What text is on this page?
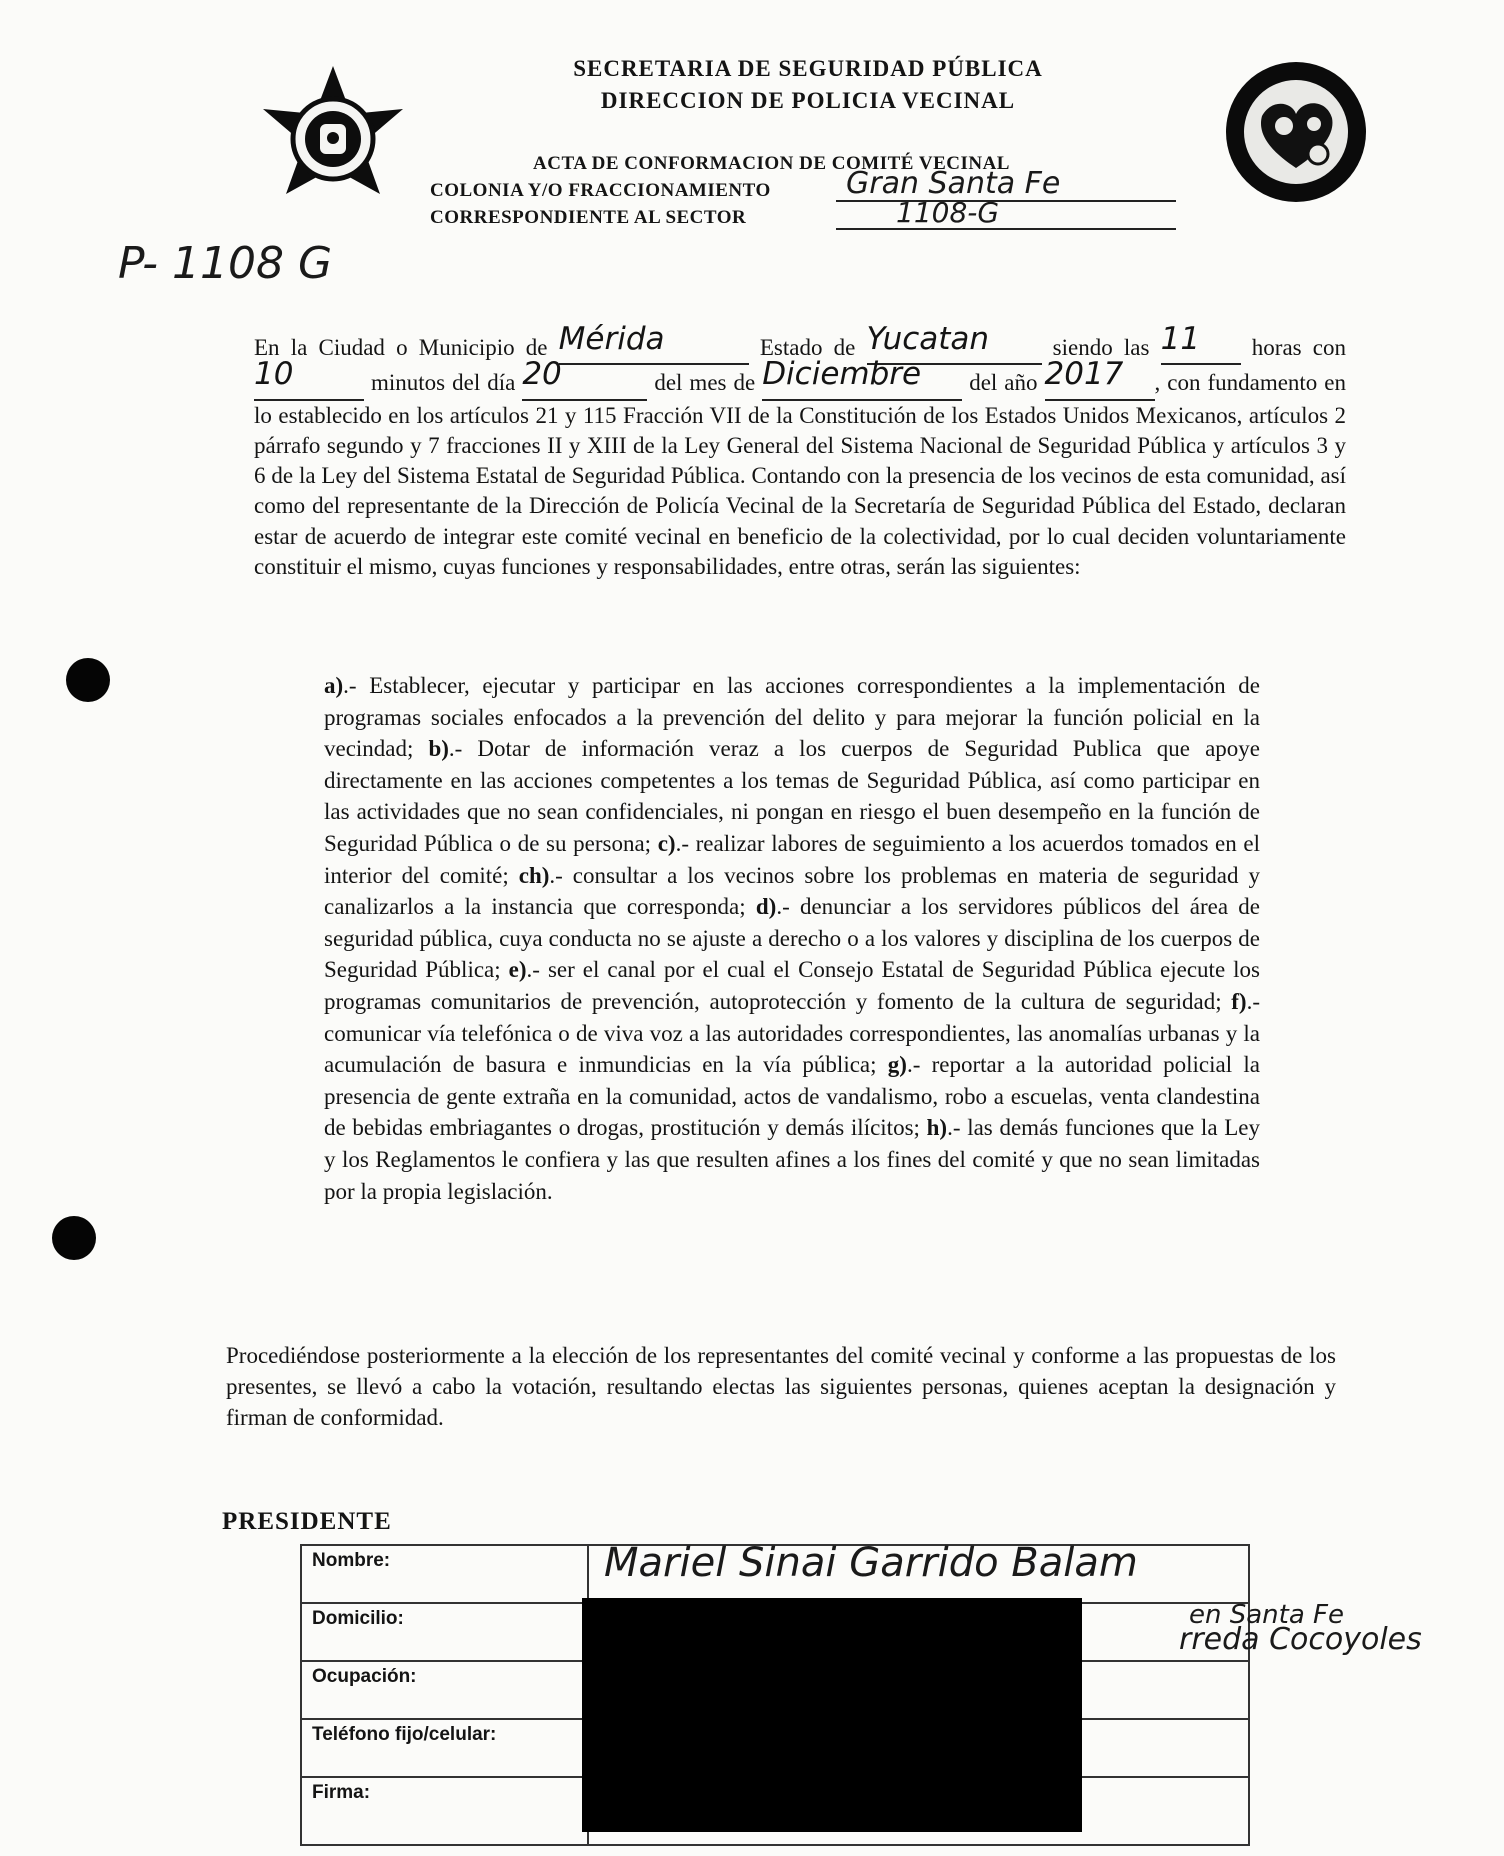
SECRETARIA DE SEGURIDAD PÚBLICA
DIRECCION DE POLICIA VECINAL
ACTA DE CONFORMACION DE COMITÉ VECINAL
COLONIA Y/O FRACCIONAMIENTO	Gran Santa Fe
CORRESPONDIENTE AL SECTOR	1108-G
P- 1108 G
En la Ciudad o Municipio de Mérida	Estado de Yucatan	siendo las 11 horas con 10	minutos del día 20	del mes de Diciembre del año 2017 , con fundamento en lo establecido en los artículos 21 y 115 Fracción VII de la Constitución de los Estados Unidos Mexicanos, artículos 2 párrafo segundo y 7 fracciones II y XIII de la Ley General del Sistema Nacional de Seguridad Pública y artículos 3 y 6 de la Ley del Sistema Estatal de Seguridad Pública. Contando con la presencia de los vecinos de esta comunidad, así como del representante de la Dirección de Policía Vecinal de la Secretaría de Seguridad Pública del Estado, declaran estar de acuerdo de integrar este comité vecinal en beneficio de la colectividad, por lo cual deciden voluntariamente constituir el mismo, cuyas funciones y responsabilidades, entre otras, serán las siguientes:
a).- Establecer, ejecutar y participar en las acciones correspondientes a la implementación de programas sociales enfocados a la prevención del delito y para mejorar la función policial en la vecindad; b).- Dotar de información veraz a los cuerpos de Seguridad Publica que apoye directamente en las acciones competentes a los temas de Seguridad Pública, así como participar en las actividades que no sean confidenciales, ni pongan en riesgo el buen desempeño en la función de Seguridad Pública o de su persona; c).- realizar labores de seguimiento a los acuerdos tomados en el interior del comité; ch).- consultar a los vecinos sobre los problemas en materia de seguridad y canalizarlos a la instancia que corresponda; d).- denunciar a los servidores públicos del área de seguridad pública, cuya conducta no se ajuste a derecho o a los valores y disciplina de los cuerpos de Seguridad Pública; e).- ser el canal por el cual el Consejo Estatal de Seguridad Pública ejecute los programas comunitarios de prevención, autoprotección y fomento de la cultura de seguridad; f).- comunicar vía telefónica o de viva voz a las autoridades correspondientes, las anomalías urbanas y la acumulación de basura e inmundicias en la vía pública; g).- reportar a la autoridad policial la presencia de gente extraña en la comunidad, actos de vandalismo, robo a escuelas, venta clandestina de bebidas embriagantes o drogas, prostitución y demás ilícitos; h).- las demás funciones que la Ley y los Reglamentos le confiera y las que resulten afines a los fines del comité y que no sean limitadas por la propia legislación.
Procediéndose posteriormente a la elección de los representantes del comité vecinal y conforme a las propuestas de los presentes, se llevó a cabo la votación, resultando electas las siguientes personas, quienes aceptan la designación y firman de conformidad.
PRESIDENTE
Nombre:	Mariel Sinai Garrido Balam
Domicilio:	en Santa Fe
rreda Cocoyoles

Ocupación:	
Teléfono fijo/celular:	
Firma:	
